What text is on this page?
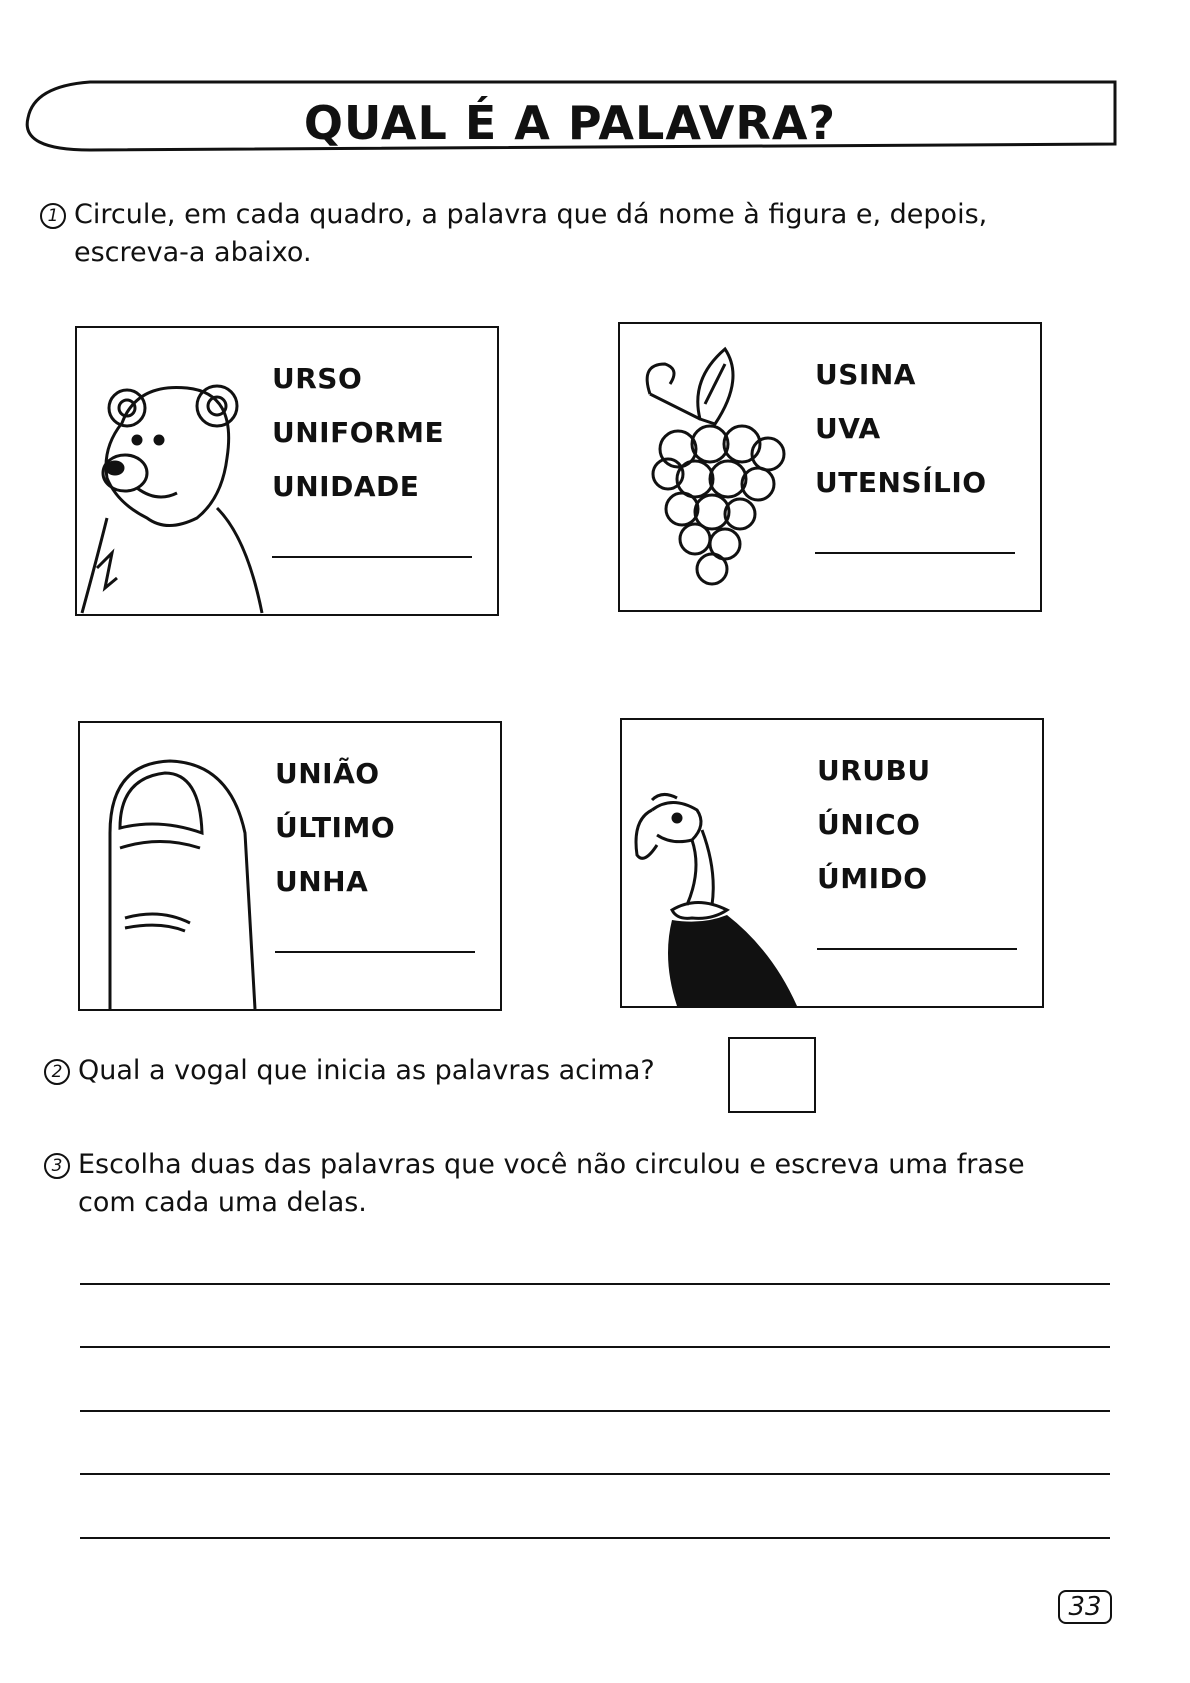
QUAL É A PALAVRA?
1 Circule, em cada quadro, a palavra que dá nome à figura e, depois,
escreva-a abaixo.
URSO
UNIFORME
UNIDADE
USINA
UVA
UTENSÍLIO
UNIÃO
ÚLTIMO
UNHA
URUBU
ÚNICO
ÚMIDO
2 Qual a vogal que inicia as palavras acima?
3 Escolha duas das palavras que você não circulou e escreva uma frase
com cada uma delas.
33
